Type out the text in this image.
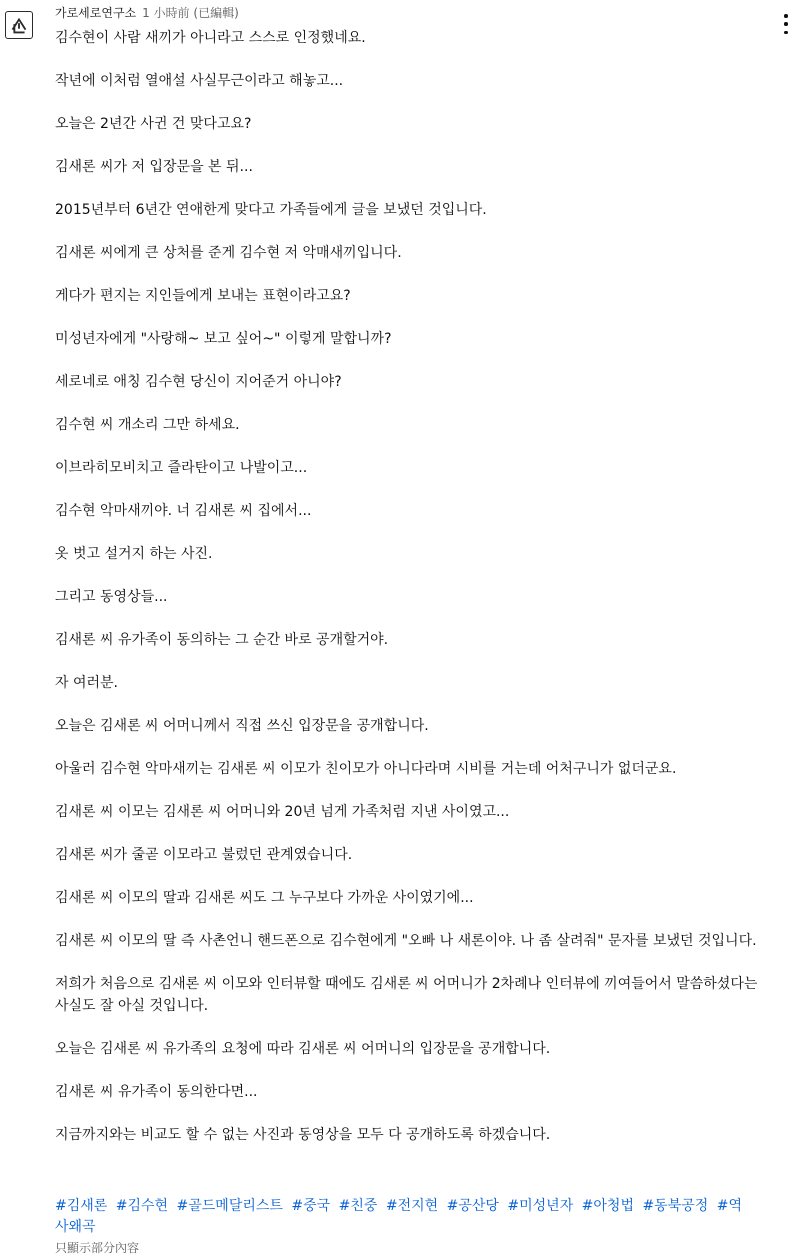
가로세로연구소 1 小時前 (已編輯)
김수현이 사람 새끼가 아니라고 스스로 인정했네요.
작년에 이처럼 열애설 사실무근이라고 해놓고...
오늘은 2년간 사귄 건 맞다고요?
김새론 씨가 저 입장문을 본 뒤...
2015년부터 6년간 연애한게 맞다고 가족들에게 글을 보냈던 것입니다.
김새론 씨에게 큰 상처를 준게 김수현 저 악매새끼입니다.
게다가 편지는 지인들에게 보내는 표현이라고요?
미성년자에게 "사랑해~ 보고 싶어~" 이렇게 말합니까?
세로네로 애칭 김수현 당신이 지어준거 아니야?
김수현 씨 개소리 그만 하세요.
이브라히모비치고 즐라탄이고 나발이고...
김수현 악마새끼야. 너 김새론 씨 집에서...
옷 벗고 설거지 하는 사진.
그리고 동영상들...
김새론 씨 유가족이 동의하는 그 순간 바로 공개할거야.
자 여러분.
오늘은 김새론 씨 어머니께서 직접 쓰신 입장문을 공개합니다.
아울러 김수현 악마새끼는 김새론 씨 이모가 친이모가 아니다라며 시비를 거는데 어처구니가 없더군요.
김새론 씨 이모는 김새론 씨 어머니와 20년 넘게 가족처럼 지낸 사이였고...
김새론 씨가 줄곧 이모라고 불렀던 관계였습니다.
김새론 씨 이모의 딸과 김새론 씨도 그 누구보다 가까운 사이였기에...
김새론 씨 이모의 딸 즉 사촌언니 핸드폰으로 김수현에게 "오빠 나 새론이야. 나 좀 살려줘" 문자를 보냈던 것입니다.
저희가 처음으로 김새론 씨 이모와 인터뷰할 때에도 김새론 씨 어머니가 2차례나 인터뷰에 끼여들어서 말씀하셨다는 사실도 잘 아실 것입니다.
오늘은 김새론 씨 유가족의 요청에 따라 김새론 씨 어머니의 입장문을 공개합니다.
김새론 씨 유가족이 동의한다면...
지금까지와는 비교도 할 수 없는 사진과 동영상을 모두 다 공개하도록 하겠습니다.
#김새론 #김수현 #골드메달리스트 #중국 #친중 #전지현 #공산당 #미성년자 #아청법 #동북공정 #역사왜곡
只顯示部分內容
